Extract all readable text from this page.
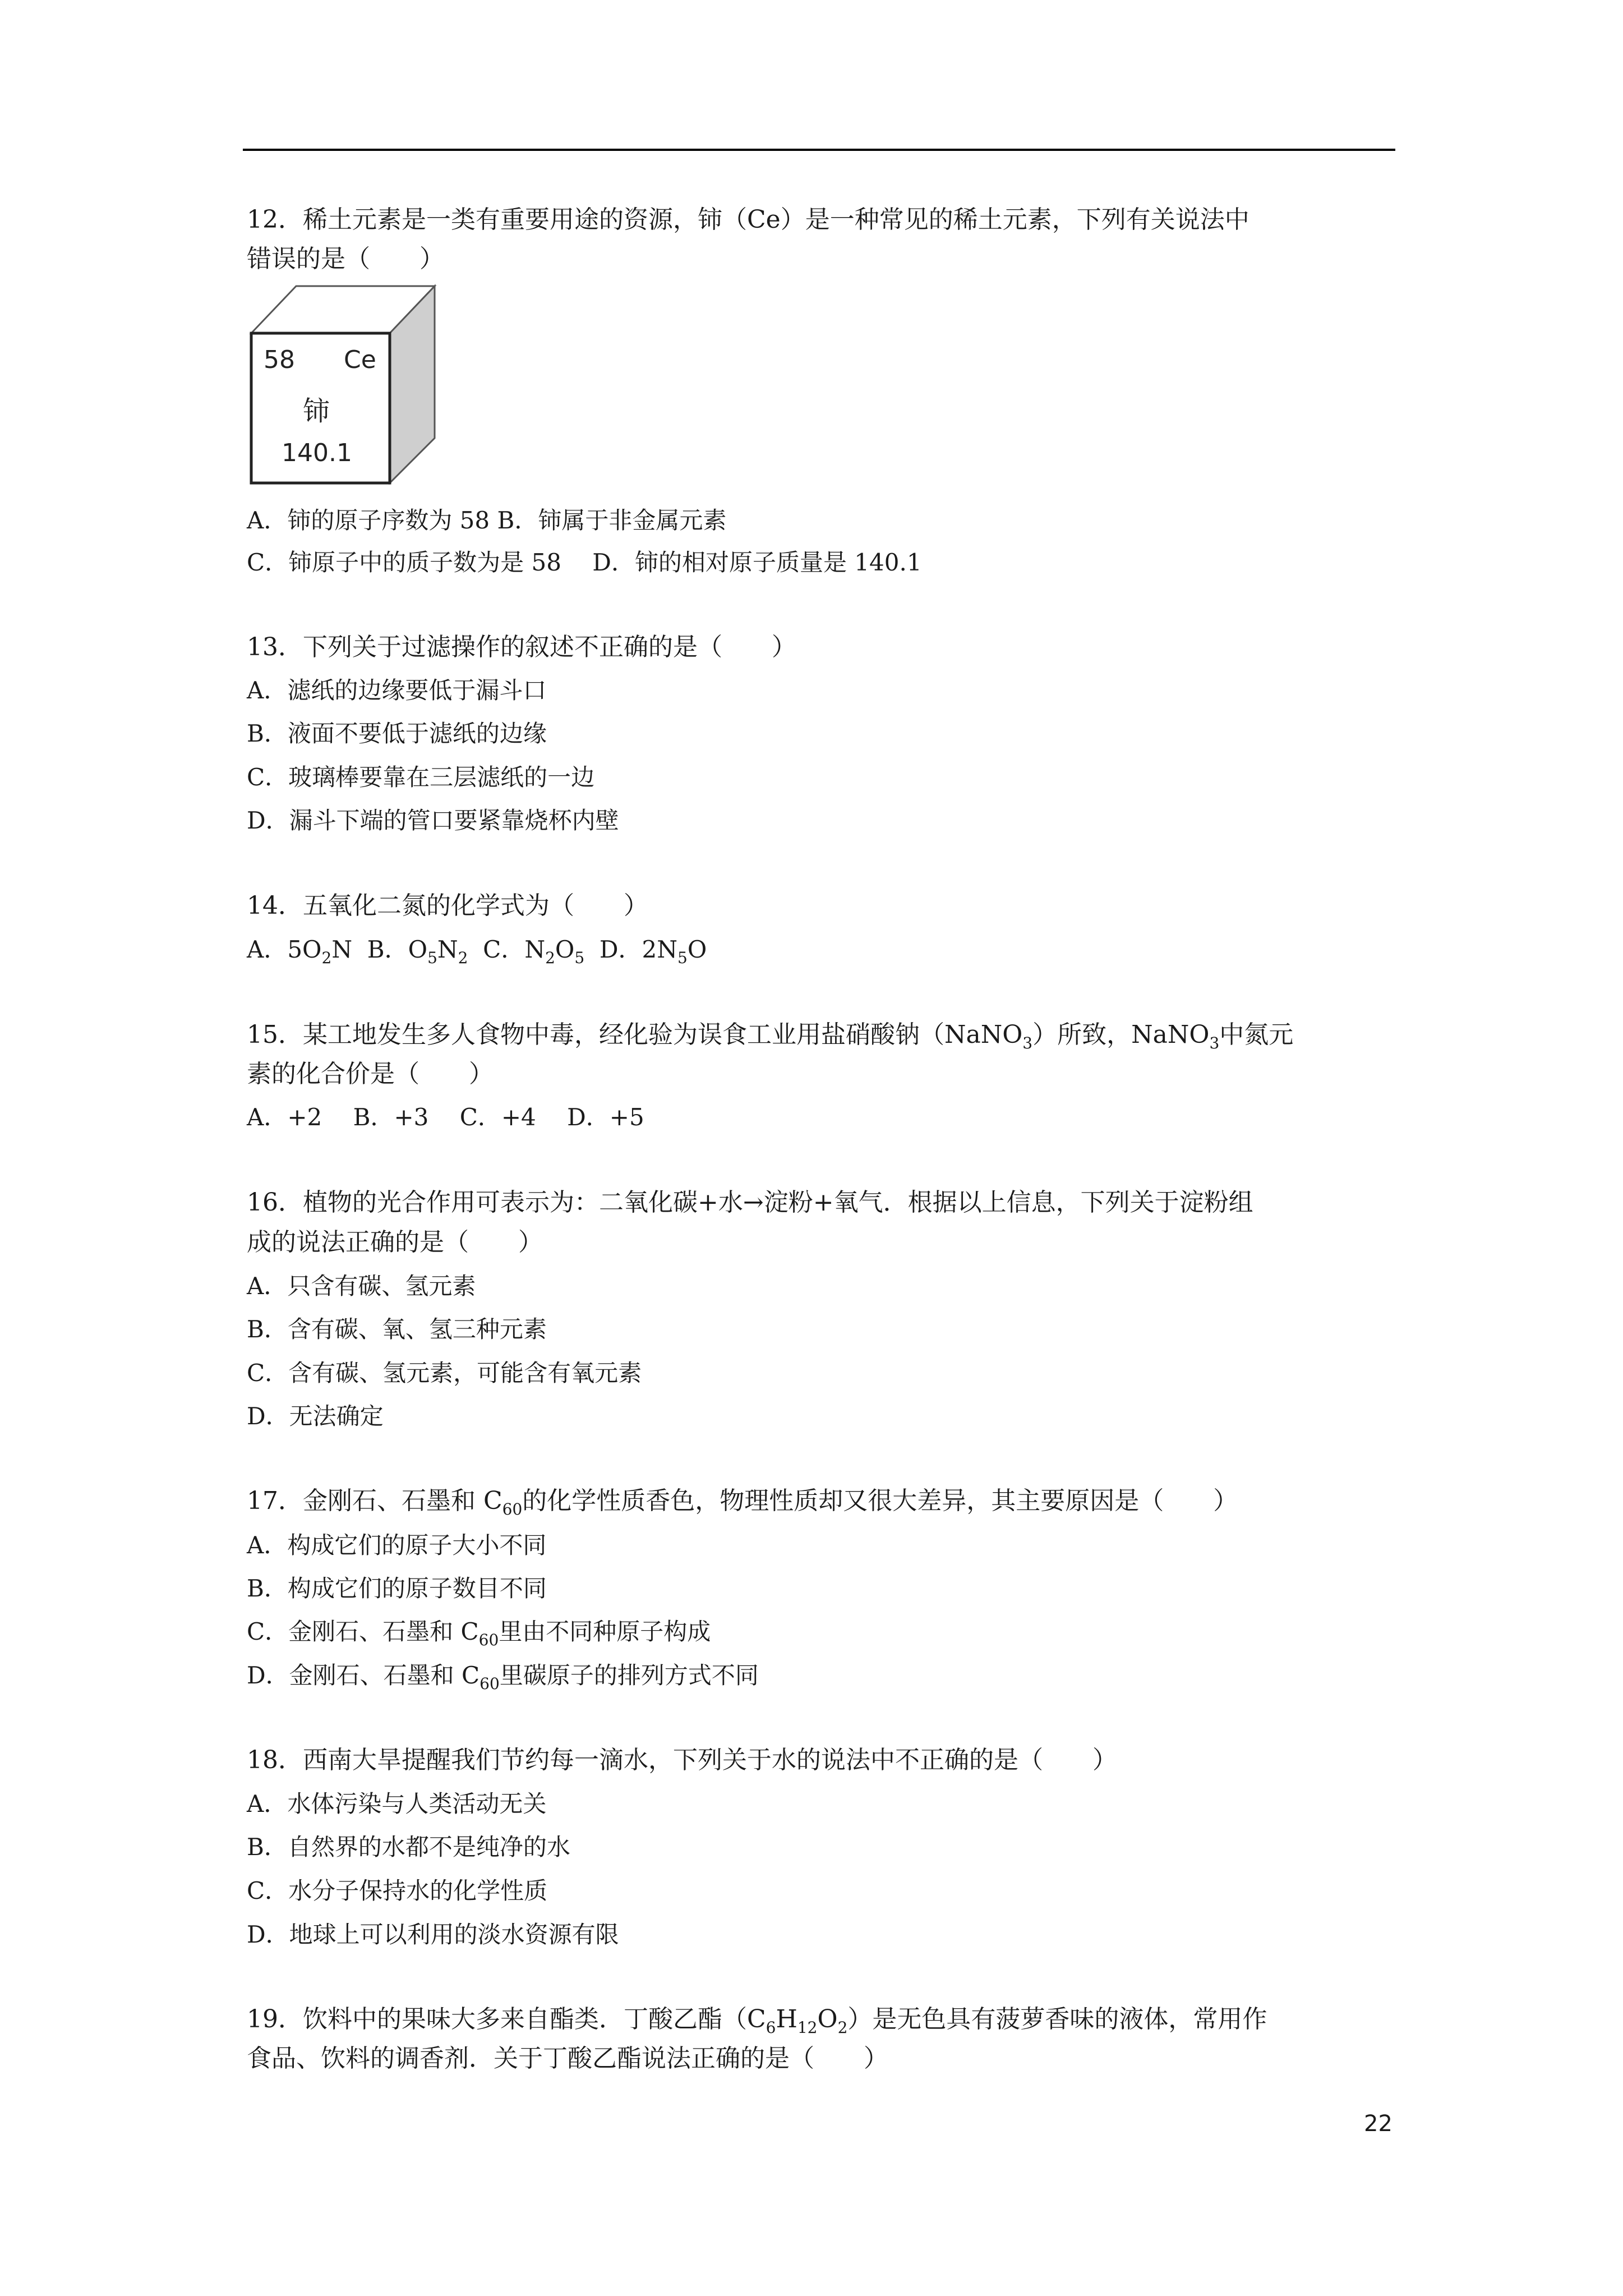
12．稀土元素是一类有重要用途的资源，铈（Ce）是一种常见的稀土元素，下列有关说法中
错误的是（　　）
58 Ce
铈
140.1
A．铈的原子序数为 58 B．铈属于非金属元素
C．铈原子中的质子数为是 58　 D．铈的相对原子质量是 140.1
13．下列关于过滤操作的叙述不正确的是（　　）
A．滤纸的边缘要低于漏斗口
B．液面不要低于滤纸的边缘
C．玻璃棒要靠在三层滤纸的一边
D．漏斗下端的管口要紧靠烧杯内壁
14．五氧化二氮的化学式为（　　）
A．$5O_2N$  B．$O_5N_2$  C．$N_2O_5$  D．$2N_5O$
15．某工地发生多人食物中毒，经化验为误食工业用盐硝酸钠（NaNO$_3$）所致，NaNO$_3$中氮元
素的化合价是（　　）
A．+2　 B．+3　 C．+4　 D．+5
16．植物的光合作用可表示为：二氧化碳+水→淀粉+氧气．根据以上信息，下列关于淀粉组
成的说法正确的是（　　）
A．只含有碳、氢元素
B．含有碳、氧、氢三种元素
C．含有碳、氢元素，可能含有氧元素
D．无法确定
17．金刚石、石墨和 $C_{60}$的化学性质香色，物理性质却又很大差异，其主要原因是（　　）
A．构成它们的原子大小不同
B．构成它们的原子数目不同
C．金刚石、石墨和 $C_{60}$里由不同种原子构成
D．金刚石、石墨和 $C_{60}$里碳原子的排列方式不同
18．西南大旱提醒我们节约每一滴水，下列关于水的说法中不正确的是（　　）
A．水体污染与人类活动无关
B．自然界的水都不是纯净的水
C．水分子保持水的化学性质
D．地球上可以利用的淡水资源有限
19．饮料中的果味大多来自酯类．丁酸乙酯$(C_6H_{12}O_2)$是无色具有菠萝香味的液体，常用作
食品、饮料的调香剂．关于丁酸乙酯说法正确的是（　　）
22
